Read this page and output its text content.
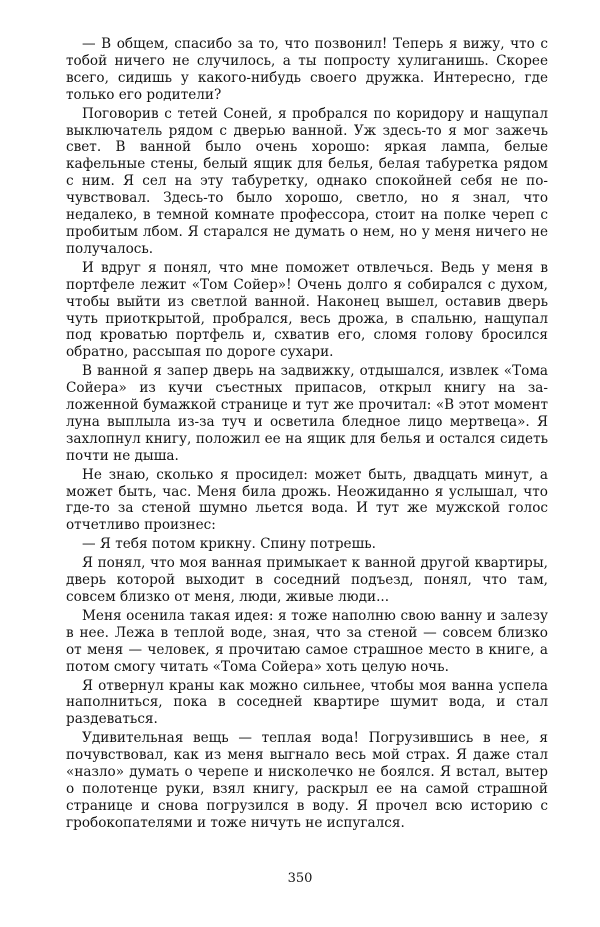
— В общем, спасибо за то, что позвонил! Теперь я вижу, что с тобой ничего не случилось, а ты попросту хулиганишь. Скорее всего, сидишь у какого-нибудь своего дружка. Интересно, где только его родители?

Поговорив с тетей Соней, я пробрался по коридору и нащупал выключатель рядом с дверью ванной. Уж здесь-то я мог зажечь свет. В ванной было очень хорошо: яркая лампа, белые кафельные стены, белый ящик для белья, белая табуретка рядом с ним. Я сел на эту табуретку, однако спокойней себя не почувствовал. Здесь-то было хорошо, светло, но я знал, что недалеко, в темной комнате профессора, стоит на полке череп с пробитым лбом. Я старался не думать о нем, но у меня ничего не получалось.

И вдруг я понял, что мне поможет отвлечься. Ведь у меня в портфеле лежит «Том Сойер»! Очень долго я собирался с духом, чтобы выйти из светлой ванной. Наконец вышел, оставив дверь чуть приоткрытой, пробрался, весь дрожа, в спальню, нащупал под кроватью портфель и, схватив его, сломя голову бросился обратно, рассыпая по дороге сухари.

В ванной я запер дверь на задвижку, отдышался, извлек «Тома Сойера» из кучи съестных припасов, открыл книгу на заложенной бумажкой странице и тут же прочитал: «В этот момент луна выплыла из-за туч и осветила бледное лицо мертвеца». Я захлопнул книгу, положил ее на ящик для белья и остался сидеть почти не дыша.

Не знаю, сколько я просидел: может быть, двадцать минут, а может быть, час. Меня била дрожь. Неожиданно я услышал, что где-то за стеной шумно льется вода. И тут же мужской голос отчетливо произнес:

— Я тебя потом крикну. Спину потрешь.

Я понял, что моя ванная примыкает к ванной другой квартиры, дверь которой выходит в соседний подъезд, понял, что там, совсем близко от меня, люди, живые люди...

Меня осенила такая идея: я тоже наполню свою ванну и залезу в нее. Лежа в теплой воде, зная, что за стеной — совсем близко от меня — человек, я прочитаю самое страшное место в книге, а потом смогу читать «Тома Сойера» хоть целую ночь.

Я отвернул краны как можно сильнее, чтобы моя ванна успела наполниться, пока в соседней квартире шумит вода, и стал раздеваться.

Удивительная вещь — теплая вода! Погрузившись в нее, я почувствовал, как из меня выгнало весь мой страх. Я даже стал «назло» думать о черепе и нисколечко не боялся. Я встал, вытер о полотенце руки, взял книгу, раскрыл ее на самой страшной странице и снова погрузился в воду. Я прочел всю историю с гробокопателями и тоже ничуть не испугался.

350
